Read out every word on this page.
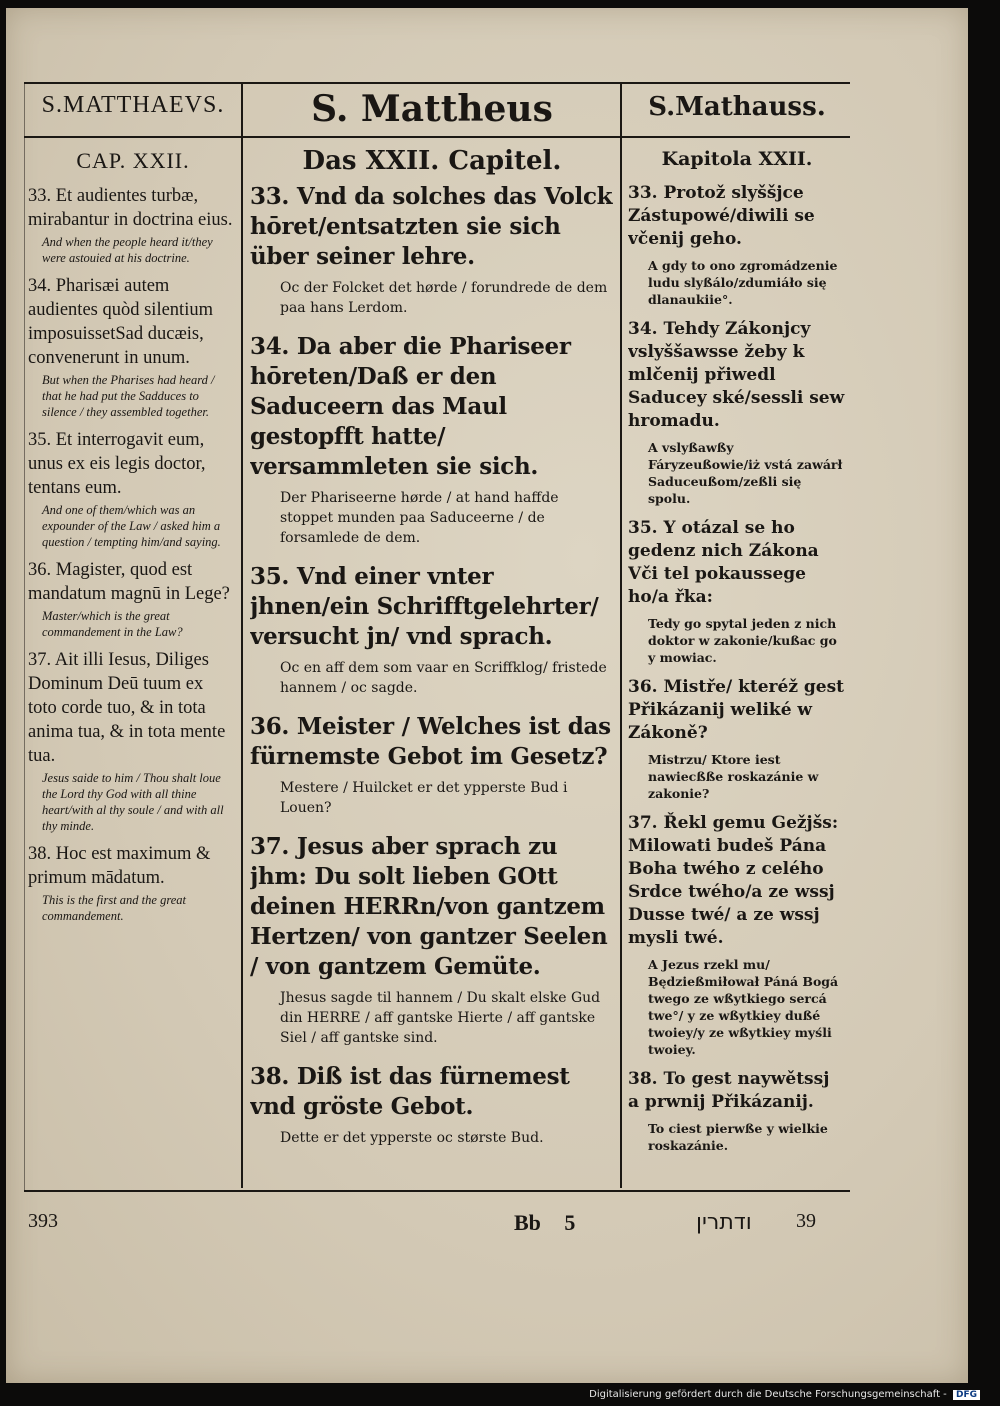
S.MATTHAEVS.	S. Mattheus	S.Mathauss.
CAP. XXII.	Das XXII. Capitel.	Kapitola XXII.

33. Et audientes turbæ, mirabantur in doctrina eius.

And when the people heard it/they were astouied at his doctrine.

34. Pharisæi autem audientes quòd silentium imposuissetSad ducæis, convenerunt in unum.

But when the Pharises had heard / that he had put the Sadduces to silence / they assembled together.

35. Et interrogavit eum, unus ex eis legis doctor, tentans eum.

And one of them/which was an expounder of the Law / asked him a question / tempting him/and saying.

36. Magister, quod est mandatum magnū in Lege?

Master/which is the great commandement in the Law?

37. Ait illi Iesus, Diliges Dominum Deū tuum ex toto corde tuo, & in tota anima tua, & in tota mente tua.

Jesus saide to him / Thou shalt loue the Lord thy God with all thine heart/with al thy soule / and with all thy minde.

38. Hoc est maximum & primum mādatum.

This is the first and the great commandement.

33. Vnd da solches das Volck hōret/entsatzten sie sich über seiner lehre.

Oc der Folcket det hørde / forundrede de dem paa hans Lerdom.

34. Da aber die Phariseer hōreten/Daß er den Saduceern das Maul gestopfft hatte/ versammleten sie sich.

Der Phariseerne hørde / at hand haffde stoppet munden paa Saduceerne / de forsamlede de dem.

35. Vnd einer vnter jhnen/ein Schrifftgelehrter/ versucht jn/ vnd sprach.

Oc en aff dem som vaar en Scriffklog/ fristede hannem / oc sagde.

36. Meister / Welches ist das fürnemste Gebot im Gesetz?

Mestere / Huilcket er det ypperste Bud i Louen?

37. Jesus aber sprach zu jhm: Du solt lieben GOtt deinen HERRn/von gantzem Hertzen/ von gantzer Seelen / von gantzem Gemüte.

Jhesus sagde til hannem / Du skalt elske Gud din HERRE / aff gantske Hierte / aff gantske Siel / aff gantske sind.

38. Diß ist das fürnemest vnd gröste Gebot.

Dette er det ypperste oc største Bud.

33. Protož slyššjce Zástupowé/diwili se včenij geho.

A gdy to ono zgromádzenie ludu slyßálo/zdumiáło się dlanaukiie°.

34. Tehdy Zákonjcy vslyššawsse žeby k mlčenij přiwedl Saducey ské/sessli sew hromadu.

A vslyßawßy Fáryzeußowie/iż vstá zawárł Saduceußom/zeßli się spolu.

35. Y otázal se ho gedenz nich Zákona Vči tel pokaussege ho/a řka:

Tedy go spytal jeden z nich doktor w zakonie/kußac go y mowiac.

36. Mistře/ kteréž gest Přikázanij weliké w Zákoně?

Mistrzu/ Ktore iest nawiecßße roskazánie w zakonie?

37. Řekl gemu Gežjšs: Milowati budeš Pána Boha twého z celého Srdce twého/a ze wssj Dusse twé/ a ze wssj mysli twé.

A Jezus rzekl mu/ Będzießmiłował Páná Bogá twego ze wßytkiego sercá twe°/ y ze wßytkiey dußé twoiey/y ze wßytkiey myśli twoiey.

38. To gest naywětssj a prwnij Přikázanij.

To ciest pierwße y wielkie roskazánie.

393	Bb 5	ודתרין 39
Digitalisierung gefördert durch die Deutsche Forschungsgemeinschaft - DFG
